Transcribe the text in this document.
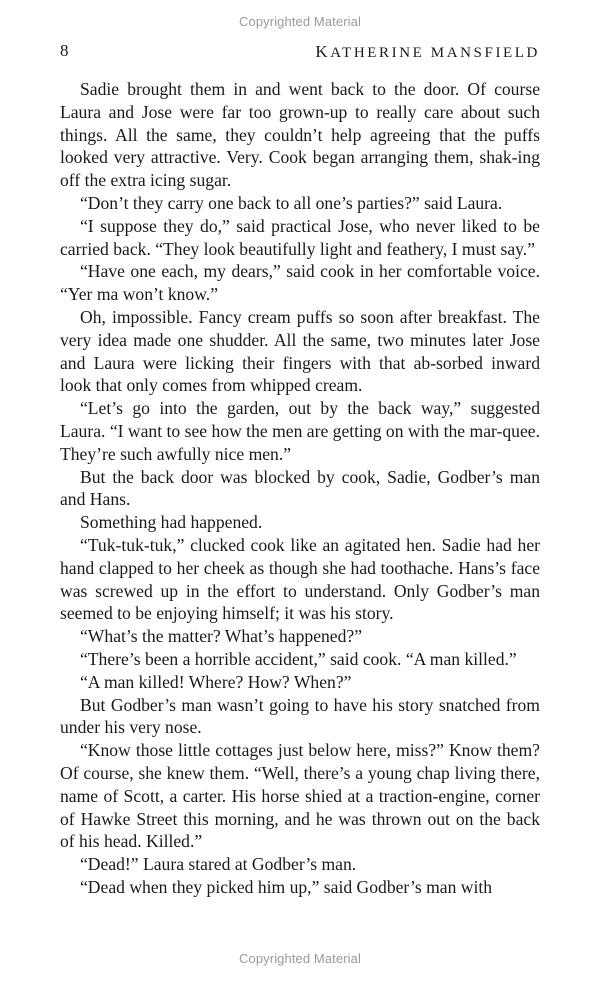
Copyrighted Material
8	KATHERINE MANSFIELD

Sadie brought them in and went back to the door. Of course Laura and Jose were far too grown-up to really care about such things. All the same, they couldn’t help agreeing that the puffs looked very attractive. Very. Cook began arranging them, shak-ing off the extra icing sugar.

“Don’t they carry one back to all one’s parties?” said Laura.

“I suppose they do,” said practical Jose, who never liked to be carried back. “They look beautifully light and feathery, I must say.”

“Have one each, my dears,” said cook in her comfortable voice. “Yer ma won’t know.”

Oh, impossible. Fancy cream puffs so soon after breakfast. The very idea made one shudder. All the same, two minutes later Jose and Laura were licking their fingers with that ab-sorbed inward look that only comes from whipped cream.

“Let’s go into the garden, out by the back way,” suggested Laura. “I want to see how the men are getting on with the mar-quee. They’re such awfully nice men.”

But the back door was blocked by cook, Sadie, Godber’s man and Hans.

Something had happened.

“Tuk-tuk-tuk,” clucked cook like an agitated hen. Sadie had her hand clapped to her cheek as though she had toothache. Hans’s face was screwed up in the effort to understand. Only Godber’s man seemed to be enjoying himself; it was his story.

“What’s the matter? What’s happened?”

“There’s been a horrible accident,” said cook. “A man killed.”

“A man killed! Where? How? When?”

But Godber’s man wasn’t going to have his story snatched from under his very nose.

“Know those little cottages just below here, miss?” Know them? Of course, she knew them. “Well, there’s a young chap living there, name of Scott, a carter. His horse shied at a traction-engine, corner of Hawke Street this morning, and he was thrown out on the back of his head. Killed.”

“Dead!” Laura stared at Godber’s man.

“Dead when they picked him up,” said Godber’s man with

Copyrighted Material
